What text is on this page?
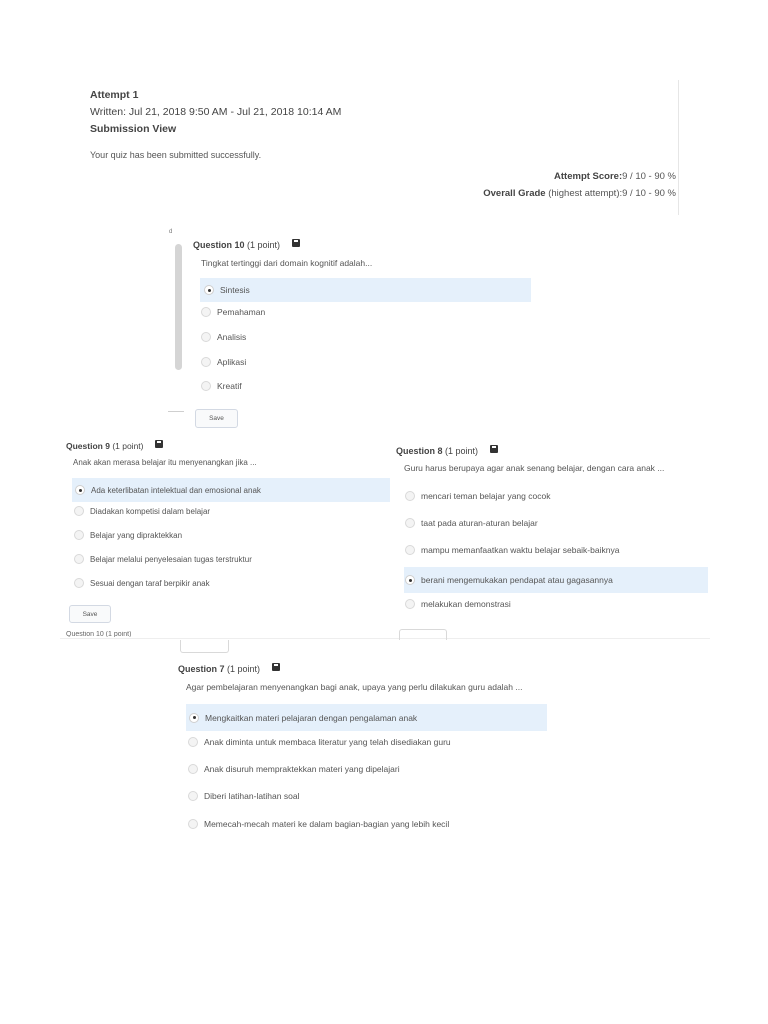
Attempt 1
Written: Jul 21, 2018 9:50 AM - Jul 21, 2018 10:14 AM
Submission View
Your quiz has been submitted successfully.
Attempt Score:9 / 10 - 90 %
Overall Grade (highest attempt):9 / 10 - 90 %
d
Question 10 (1 point)
Tingkat tertinggi dari domain kognitif adalah...
Sintesis
Pemahaman
Analisis
Aplikasi
Kreatif
Save
Question 9 (1 point)
Anak akan merasa belajar itu menyenangkan jika ...
Ada keterlibatan intelektual dan emosional anak
Diadakan kompetisi dalam belajar
Belajar yang dipraktekkan
Belajar melalui penyelesaian tugas terstruktur
Sesuai dengan taraf berpikir anak
Save
Question 8 (1 point)
Guru harus berupaya agar anak senang belajar, dengan cara anak ...
mencari teman belajar yang cocok
taat pada aturan-aturan belajar
mampu memanfaatkan waktu belajar sebaik-baiknya
berani mengemukakan pendapat atau gagasannya
melakukan demonstrasi
Question 10 (1 point)
Question 7 (1 point)
Agar pembelajaran menyenangkan bagi anak, upaya yang perlu dilakukan guru adalah ...
Mengkaitkan materi pelajaran dengan pengalaman anak
Anak diminta untuk membaca literatur yang telah disediakan guru
Anak disuruh mempraktekkan materi yang dipelajari
Diberi latihan-latihan soal
Memecah-mecah materi ke dalam bagian-bagian yang lebih kecil
